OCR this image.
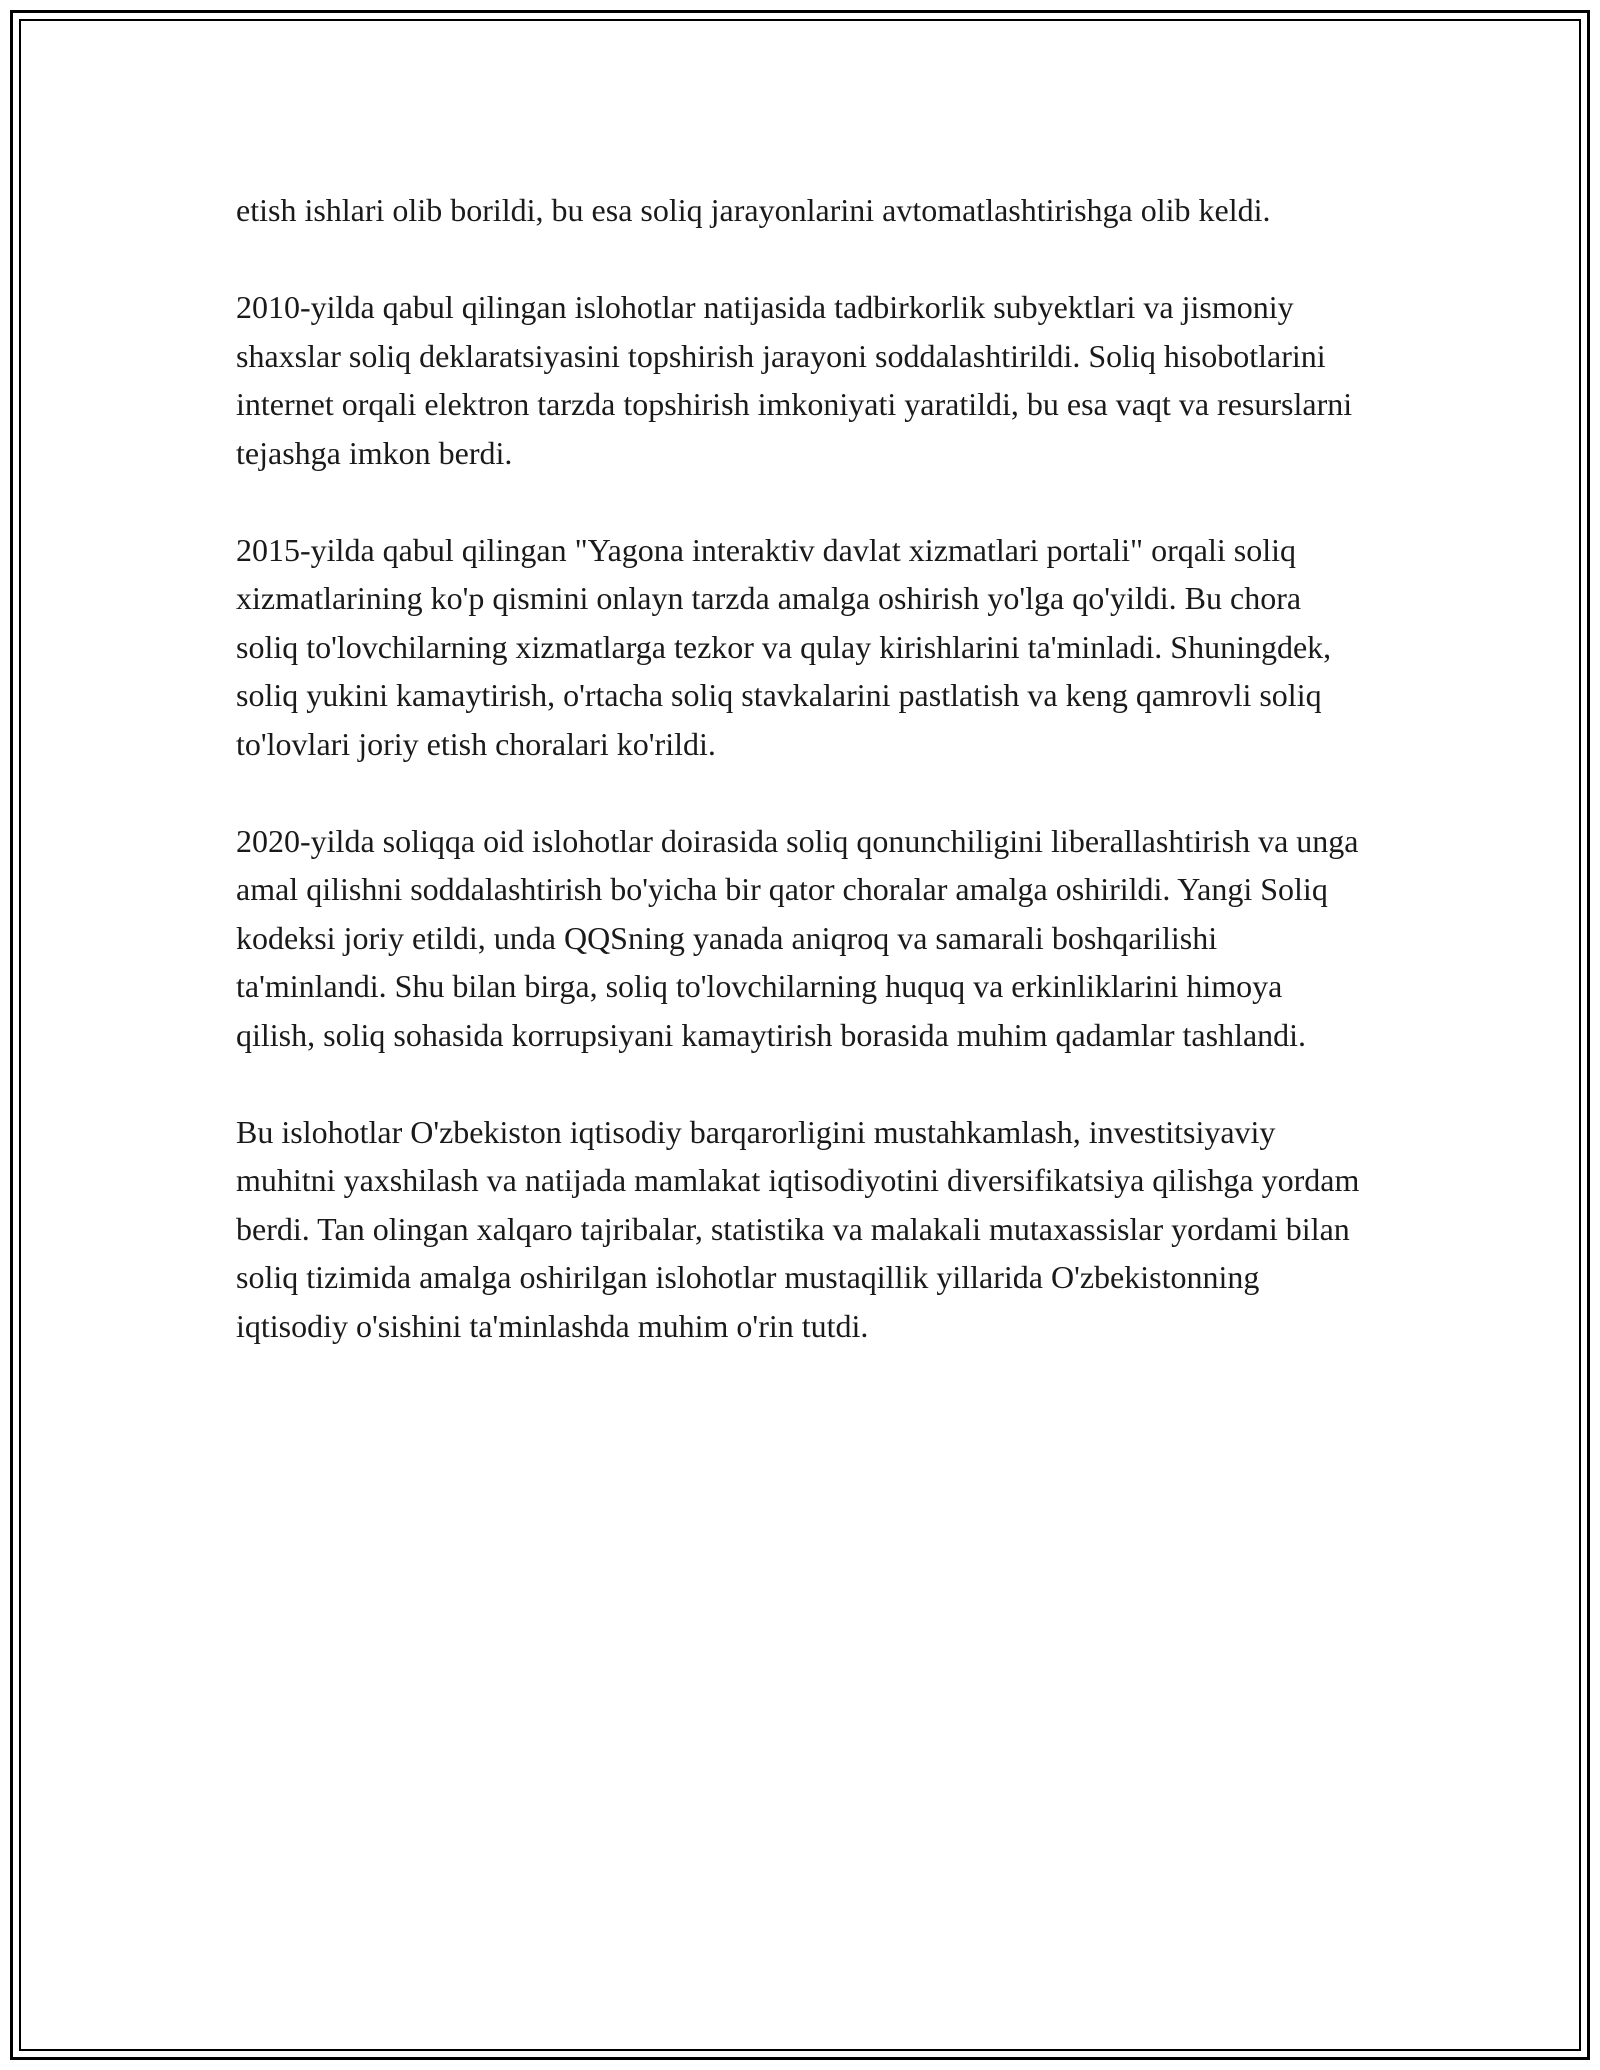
etish ishlari olib borildi, bu esa soliq jarayonlarini avtomatlashtirishga olib keldi.

2010-yilda qabul qilingan islohotlar natijasida tadbirkorlik subyektlari va jismoniy shaxslar soliq deklaratsiyasini topshirish jarayoni soddalashtirildi. Soliq hisobotlarini internet orqali elektron tarzda topshirish imkoniyati yaratildi, bu esa vaqt va resurslarni tejashga imkon berdi.

2015-yilda qabul qilingan "Yagona interaktiv davlat xizmatlari portali" orqali soliq xizmatlarining ko'p qismini onlayn tarzda amalga oshirish yo'lga qo'yildi. Bu chora soliq to'lovchilarning xizmatlarga tezkor va qulay kirishlarini ta'minladi. Shuningdek, soliq yukini kamaytirish, o'rtacha soliq stavkalarini pastlatish va keng qamrovli soliq to'lovlari joriy etish choralari ko'rildi.

2020-yilda soliqqa oid islohotlar doirasida soliq qonunchiligini liberallashtirish va unga amal qilishni soddalashtirish bo'yicha bir qator choralar amalga oshirildi. Yangi Soliq kodeksi joriy etildi, unda QQSning yanada aniqroq va samarali boshqarilishi ta'minlandi. Shu bilan birga, soliq to'lovchilarning huquq va erkinliklarini himoya qilish, soliq sohasida korrupsiyani kamaytirish borasida muhim qadamlar tashlandi.

Bu islohotlar O'zbekiston iqtisodiy barqarorligini mustahkamlash, investitsiyaviy muhitni yaxshilash va natijada mamlakat iqtisodiyotini diversifikatsiya qilishga yordam berdi. Tan olingan xalqaro tajribalar, statistika va malakali mutaxassislar yordami bilan soliq tizimida amalga oshirilgan islohotlar mustaqillik yillarida O'zbekistonning iqtisodiy o'sishini ta'minlashda muhim o'rin tutdi.
